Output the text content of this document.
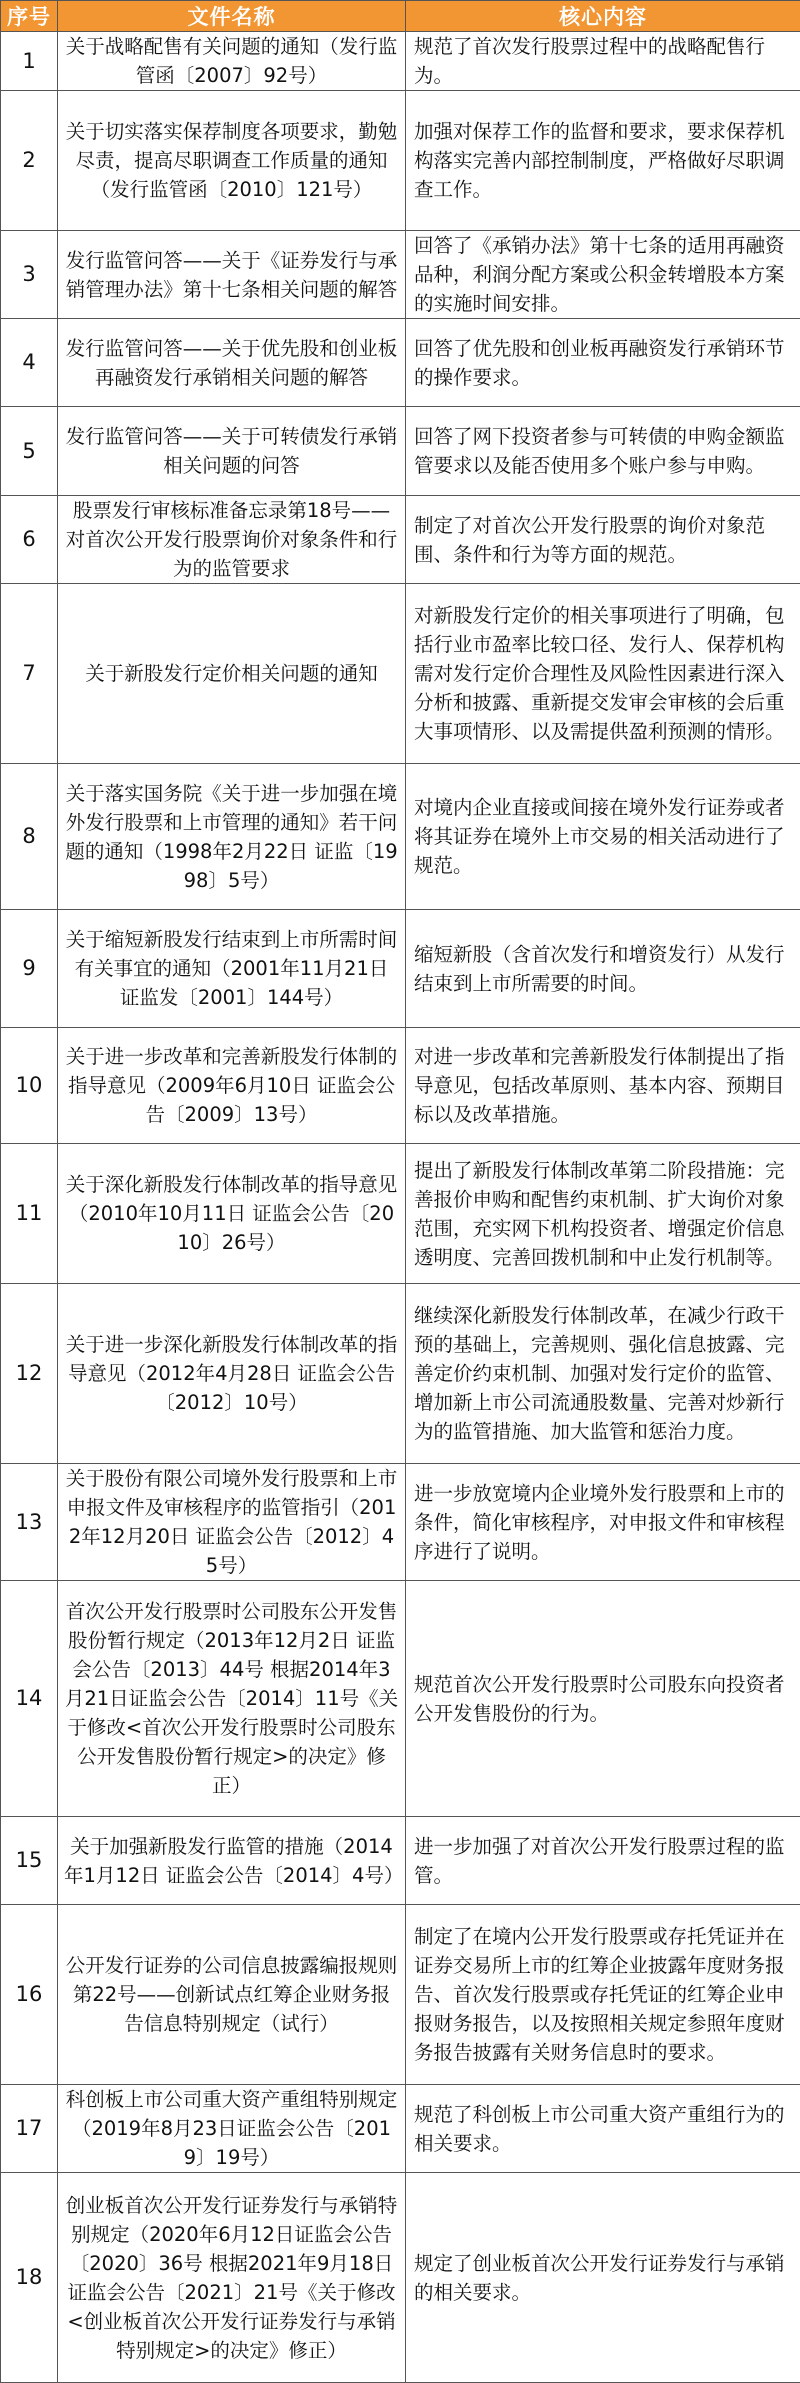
序号	文件名称	核心内容
1	关于战略配售有关问题的通知（发行监管函〔2007〕92号）	规范了首次发行股票过程中的战略配售行为。
2	关于切实落实保荐制度各项要求，勤勉尽责，提高尽职调查工作质量的通知（发行监管函〔2010〕121号）	加强对保荐工作的监督和要求，要求保荐机构落实完善内部控制制度，严格做好尽职调查工作。
3	发行监管问答——关于《证券发行与承销管理办法》第十七条相关问题的解答	回答了《承销办法》第十七条的适用再融资品种，利润分配方案或公积金转增股本方案的实施时间安排。
4	发行监管问答——关于优先股和创业板再融资发行承销相关问题的解答	回答了优先股和创业板再融资发行承销环节的操作要求。
5	发行监管问答——关于可转债发行承销相关问题的问答	回答了网下投资者参与可转债的申购金额监管要求以及能否使用多个账户参与申购。
6	股票发行审核标准备忘录第18号——对首次公开发行股票询价对象条件和行为的监管要求	制定了对首次公开发行股票的询价对象范围、条件和行为等方面的规范。
7	关于新股发行定价相关问题的通知	对新股发行定价的相关事项进行了明确，包括行业市盈率比较口径、发行人、保荐机构需对发行定价合理性及风险性因素进行深入分析和披露、重新提交发审会审核的会后重大事项情形、以及需提供盈利预测的情形。
8	关于落实国务院《关于进一步加强在境外发行股票和上市管理的通知》若干问题的通知（1998年2月22日 证监〔1998〕5号）	对境内企业直接或间接在境外发行证券或者将其证券在境外上市交易的相关活动进行了规范。
9	关于缩短新股发行结束到上市所需时间有关事宜的通知（2001年11月21日 证监发〔2001〕144号）	缩短新股（含首次发行和增资发行）从发行结束到上市所需要的时间。
10	关于进一步改革和完善新股发行体制的指导意见（2009年6月10日 证监会公告〔2009〕13号）	对进一步改革和完善新股发行体制提出了指导意见，包括改革原则、基本内容、预期目标以及改革措施。
11	关于深化新股发行体制改革的指导意见（2010年10月11日 证监会公告〔2010〕26号）	提出了新股发行体制改革第二阶段措施：完善报价申购和配售约束机制、扩大询价对象范围，充实网下机构投资者、增强定价信息透明度、完善回拨机制和中止发行机制等。
12	关于进一步深化新股发行体制改革的指导意见（2012年4月28日 证监会公告〔2012〕10号）	继续深化新股发行体制改革，在减少行政干预的基础上，完善规则、强化信息披露、完善定价约束机制、加强对发行定价的监管、增加新上市公司流通股数量、完善对炒新行为的监管措施、加大监管和惩治力度。
13	关于股份有限公司境外发行股票和上市申报文件及审核程序的监管指引（2012年12月20日 证监会公告〔2012〕45号）	进一步放宽境内企业境外发行股票和上市的条件，简化审核程序，对申报文件和审核程序进行了说明。
14	首次公开发行股票时公司股东公开发售股份暂行规定（2013年12月2日 证监会公告〔2013〕44号 根据2014年3月21日证监会公告〔2014〕11号《关于修改<首次公开发行股票时公司股东公开发售股份暂行规定>的决定》修正）	规范首次公开发行股票时公司股东向投资者公开发售股份的行为。
15	关于加强新股发行监管的措施（2014年1月12日 证监会公告〔2014〕4号）	进一步加强了对首次公开发行股票过程的监管。
16	公开发行证券的公司信息披露编报规则第22号——创新试点红筹企业财务报告信息特别规定（试行）	制定了在境内公开发行股票或存托凭证并在证券交易所上市的红筹企业披露年度财务报告、首次发行股票或存托凭证的红筹企业申报财务报告，以及按照相关规定参照年度财务报告披露有关财务信息时的要求。
17	科创板上市公司重大资产重组特别规定（2019年8月23日证监会公告〔2019〕19号）	规范了科创板上市公司重大资产重组行为的相关要求。
18	创业板首次公开发行证券发行与承销特别规定（2020年6月12日证监会公告〔2020〕36号 根据2021年9月18日证监会公告〔2021〕21号《关于修改<创业板首次公开发行证券发行与承销特别规定>的决定》修正）	规定了创业板首次公开发行证券发行与承销的相关要求。
